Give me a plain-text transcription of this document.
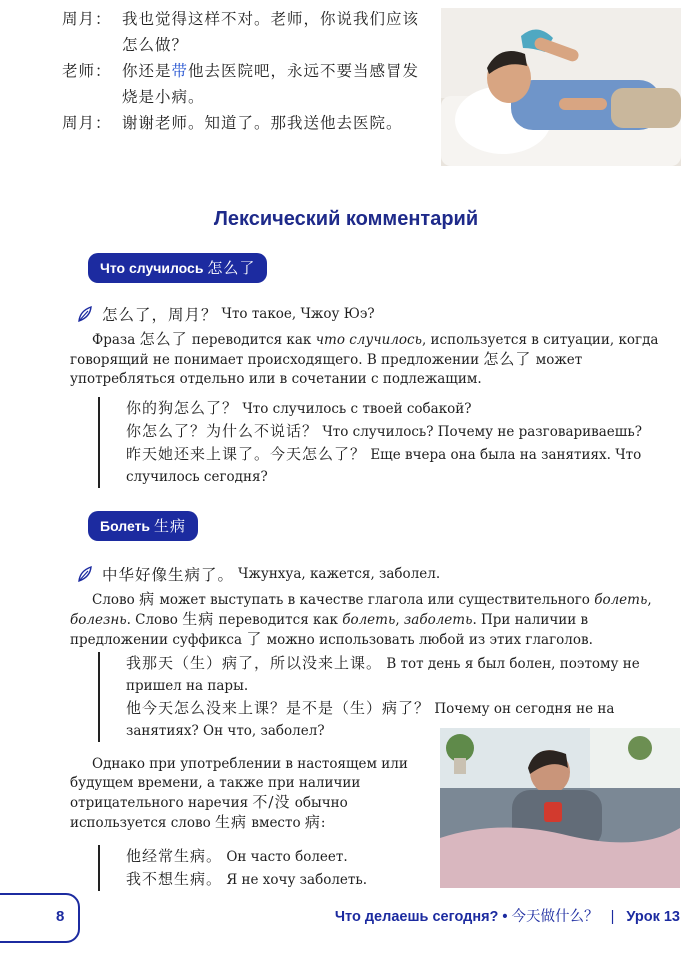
周月： 我也觉得这样不对。老师，你说我们应该怎么做？
老师： 你还是带他去医院吧，永远不要当感冒发烧是小病。
周月： 谢谢老师。知道了。那我送他去医院。
Лексический комментарий
Что случилось 怎么了
怎么了，周月？ Что такое, Чжоу Юэ?
Фраза 怎么了 переводится как что случилось, используется в ситуации, когда говорящий не понимает происходящего. В предложении 怎么了 может употребляться отдельно или в сочетании с подлежащим.
你的狗怎么了？ Что случилось с твоей собакой?
你怎么了？为什么不说话？ Что случилось? Почему не разговариваешь?
昨天她还来上课了。今天怎么了？ Еще вчера она была на занятиях. Что случилось сегодня?
Болеть 生病
中华好像生病了。 Чжунхуа, кажется, заболел.
Слово 病 может выступать в качестве глагола или существительного болеть, болезнь. Слово 生病 переводится как болеть, заболеть. При наличии в предложении суффикса 了 можно использовать любой из этих глаголов.
我那天（生）病了，所以没来上课。 В тот день я был болен, поэтому не пришел на пары.
他今天怎么没来上课？是不是（生）病了？ Почему он сегодня не на занятиях? Он что, заболел?
Однако при употреблении в настоящем или будущем времени, а также при наличии отрицательного наречия 不/没 обычно используется слово 生病 вместо 病:
他经常生病。 Он часто болеет.
我不想生病。 Я не хочу заболеть.
8	Что делаешь сегодня? • 今天做什么？ | Урок 13
